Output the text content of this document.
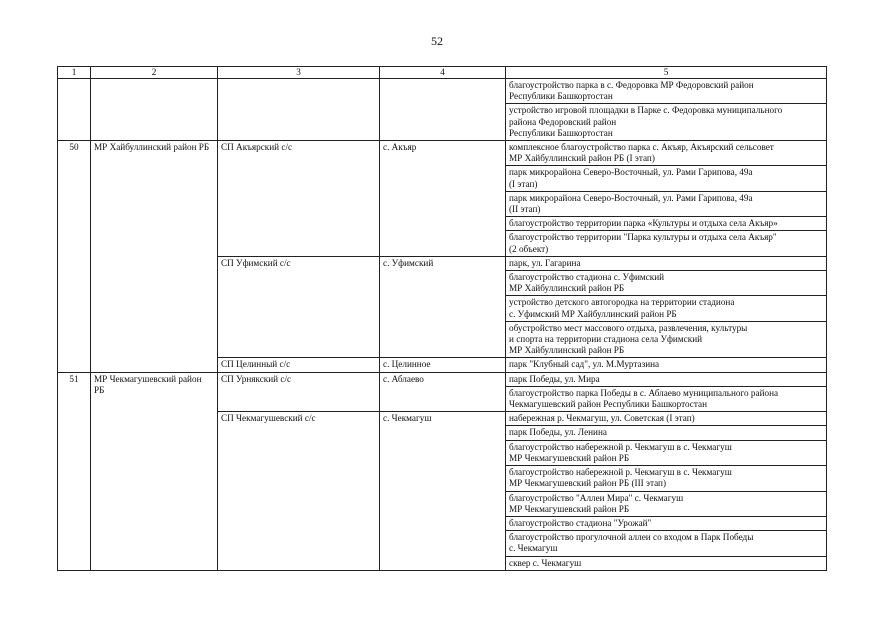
52
1	2	3	4	5

				благоустройство парка в с. Федоровка МР Федоровский район
Республики Башкортостан

				устройство игровой площадки в Парке с. Федоровка муниципального
района Федоровский район
Республики Башкортостан

50	МР Хайбуллинский район РБ	СП Акъярский с/с	с. Акъяр	комплексное благоустройство парка с. Акъяр, Акъярский сельсовет
МР Хайбуллинский район РБ (I этап)

				парк микрорайона Северо-Восточный, ул. Рами Гарипова, 49а
(I этап)

				парк микрорайона Северо-Восточный, ул. Рами Гарипова, 49а
(II этап)

				благоустройство территории парка «Культуры и отдыха села Акъяр»

				благоустройство территории "Парка культуры и отдыха села Акъяр"
(2 объект)

		СП Уфимский с/с	с. Уфимский	парк, ул. Гагарина

				благоустройство стадиона с. Уфимский
МР Хайбуллинский район РБ

				устройство детского автогородка на территории стадиона
с. Уфимский МР Хайбуллинский район РБ

				обустройство мест массового отдыха, развлечения, культуры
и спорта на территории стадиона села Уфимский
МР Хайбуллинский район РБ

		СП Целинный с/с	с. Целинное	парк "Клубный сад", ул. М.Муртазина

51	МР Чекмагушевский район РБ	СП Урнякский с/с	с. Аблаево	парк Победы, ул. Мира

				благоустройство парка Победы в с. Аблаево муниципального района
Чекмагушевский район Республики Башкортостан

		СП Чекмагушевский с/с	с. Чекмагуш	набережная р. Чекмагуш, ул. Советская (I этап)

				парк Победы, ул. Ленина

				благоустройство набережной р. Чекмагуш в с. Чекмагуш
МР Чекмагушевский район РБ

				благоустройство набережной р. Чекмагуш в с. Чекмагуш
МР Чекмагушевский район РБ (III этап)

				благоустройство "Аллеи Мира" с. Чекмагуш
МР Чекмагушевский район РБ

				благоустройство стадиона "Урожай"

				благоустройство прогулочной аллеи со входом в Парк Победы
с. Чекмагуш

				сквер с. Чекмагуш
